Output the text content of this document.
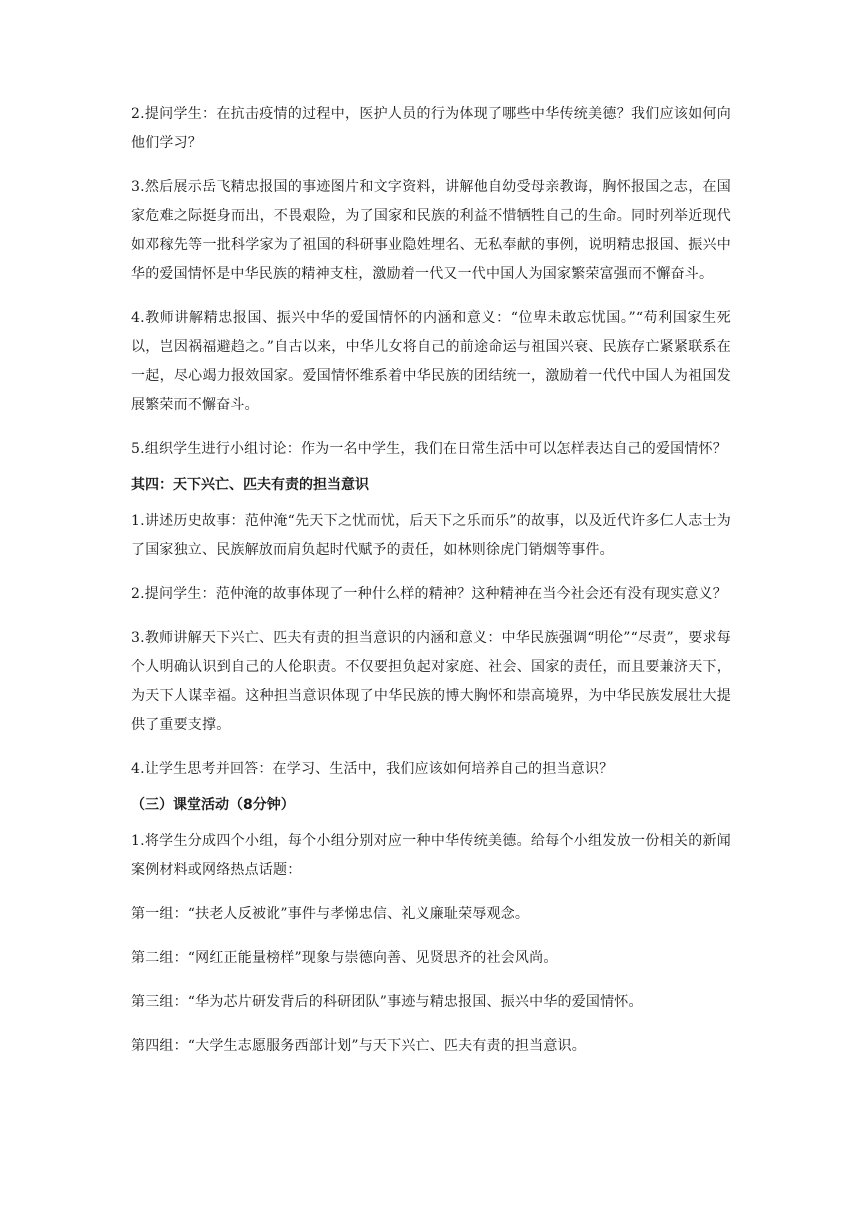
2.提问学生：在抗击疫情的过程中，医护人员的行为体现了哪些中华传统美德？我们应该如何向他们学习？

3.然后展示岳飞精忠报国的事迹图片和文字资料，讲解他自幼受母亲教诲，胸怀报国之志，在国家危难之际挺身而出，不畏艰险，为了国家和民族的利益不惜牺牲自己的生命。同时列举近现代如邓稼先等一批科学家为了祖国的科研事业隐姓埋名、无私奉献的事例，说明精忠报国、振兴中华的爱国情怀是中华民族的精神支柱，激励着一代又一代中国人为国家繁荣富强而不懈奋斗。

4.教师讲解精忠报国、振兴中华的爱国情怀的内涵和意义：“位卑未敢忘忧国。”“苟利国家生死以，岂因祸福避趋之。”自古以来，中华儿女将自己的前途命运与祖国兴衰、民族存亡紧紧联系在一起，尽心竭力报效国家。爱国情怀维系着中华民族的团结统一，激励着一代代中国人为祖国发展繁荣而不懈奋斗。

5.组织学生进行小组讨论：作为一名中学生，我们在日常生活中可以怎样表达自己的爱国情怀？

其四：天下兴亡、匹夫有责的担当意识

1.讲述历史故事：范仲淹“先天下之忧而忧，后天下之乐而乐”的故事，以及近代许多仁人志士为了国家独立、民族解放而肩负起时代赋予的责任，如林则徐虎门销烟等事件。

2.提问学生：范仲淹的故事体现了一种什么样的精神？这种精神在当今社会还有没有现实意义？

3.教师讲解天下兴亡、匹夫有责的担当意识的内涵和意义：中华民族强调“明伦”“尽责”，要求每个人明确认识到自己的人伦职责。不仅要担负起对家庭、社会、国家的责任，而且要兼济天下，为天下人谋幸福。这种担当意识体现了中华民族的博大胸怀和崇高境界，为中华民族发展壮大提供了重要支撑。

4.让学生思考并回答：在学习、生活中，我们应该如何培养自己的担当意识？

（三）课堂活动（8分钟）

1.将学生分成四个小组，每个小组分别对应一种中华传统美德。给每个小组发放一份相关的新闻案例材料或网络热点话题：

第一组：“扶老人反被讹”事件与孝悌忠信、礼义廉耻荣辱观念。

第二组：“网红正能量榜样”现象与崇德向善、见贤思齐的社会风尚。

第三组：“华为芯片研发背后的科研团队”事迹与精忠报国、振兴中华的爱国情怀。

第四组：“大学生志愿服务西部计划”与天下兴亡、匹夫有责的担当意识。
